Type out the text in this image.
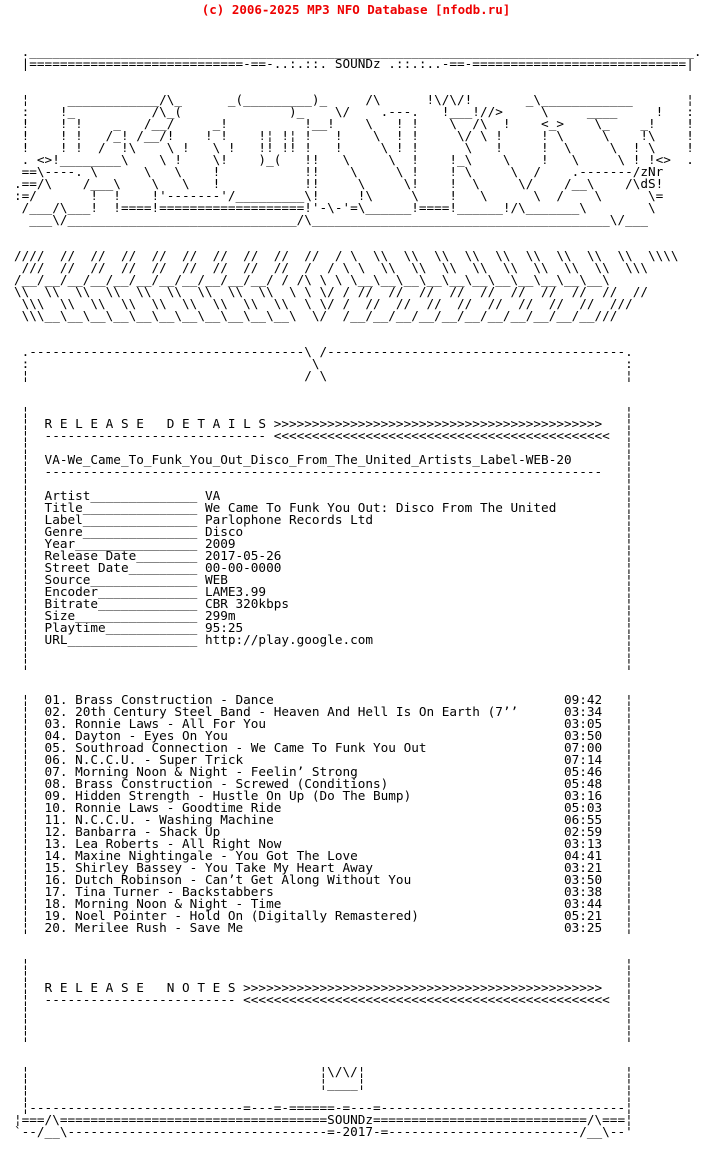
(c) 2006-2025 MP3 NFO Database [nfodb.ru]

._______________________________________________________________________________________.
|============================-==-..:.::. SOUNDz .::.:..-==-============================|

¦     ____________/\_      _(_________)_     /\      !\/\/!       _\____________       ¦
:    !_          /\_(              )_    \/    .---.   !___!//>     \     ____     !   :
!    ! !    _   /__/     _!          !__!    \   ! !    \  /\  !    <_>    \_    _!    !
!    ! !   /_! /__/!    ! !    !¦ !¦ !   !    \  ! !     \/ \ !     ! \     \    !\    !
!    ! !  /  !\    \ !   \ !   !! !! !   !     \ ! !      \   !     !  \     \  ! \    !
. <>!________\    \ !    \!    )_(   !!   \     \  !    !_\    \    !   \     \ ! !<>  .
==\----. \      \   \    !           !!    \     \ !    ! \     \  /    .-------/zNr
.==/\    /___\    \   \   !           !!     \     \!    !  \     \/    /__\    /\dS!
:=/       !  !    !'-------'/_________\!     !\     \    !   \      \  /    \      \=
/___/\___!  !====!===================!'-\-'=\______!====!______!/\_______\        \
___\/______________________________/\_______________________________________\/___

////  //  //  //  //  //  //  //  //  //  / \  \\  \\  \\  \\  \\  \\  \\  \\  \\  \\\\
///  //  //  //  //  //  //  //  //  /  / \ \  \\  \\  \\  \\  \\  \\  \\  \\  \\\
/__/__/__/__/__/__/__/__/__/__/__/ / /\ \ \ \__\__\__\__\__\__\__\__\__\__\__\
\\  \\  \\  \\  \\  \\  \\  \\  \\  \ \ \/ / //  //  //  //  //  //  //  //  //  //
\\\  \\  \\  \\  \\  \\  \\  \\  \\  \ \/ /  //  //  //  //  //  //  //  //  ///
\\\__\__\__\__\__\__\__\__\__\__\__\  \/  /__/__/__/__/__/__/__/__/__/__/__///

.------------------------------------\ /---------------------------------------.
:                                     \                                        :
¦                                    / \                                       ¦

¦                                                                              ¦
¦  R E L E A S E   D E T A I L S >>>>>>>>>>>>>>>>>>>>>>>>>>>>>>>>>>>>>>>>>>>   ¦
¦  ----------------------------- <<<<<<<<<<<<<<<<<<<<<<<<<<<<<<<<<<<<<<<<<<<<  ¦
¦                                                                              ¦
¦  VA-We_Came_To_Funk_You_Out_Disco_From_The_United_Artists_Label-WEB-20       ¦
¦  -------------------------------------------------------------------------   ¦
¦                                                                              ¦
¦  Artist______________ VA                                                     ¦
¦  Title_______________ We Came To Funk You Out: Disco From The United         ¦
¦  Label_______________ Parlophone Records Ltd                                 ¦
¦  Genre_______________ Disco                                                  ¦
¦  Year________________ 2009                                                   ¦
¦  Release Date________ 2017-05-26                                             ¦
¦  Street Date_________ 00-00-0000                                             ¦
¦  Source______________ WEB                                                    ¦
¦  Encoder_____________ LAME3.99                                               ¦
¦  Bitrate_____________ CBR 320kbps                                            ¦
¦  Size________________ 299m                                                   ¦
¦  Playtime____________ 95:25                                                  ¦
¦  URL_________________ http://play.google.com                                 ¦
¦                                                                              ¦
¦                                                                              ¦

¦  01. Brass Construction - Dance                                      09:42   ¦
¦  02. 20th Century Steel Band - Heaven And Hell Is On Earth (7’’      03:34   ¦
¦  03. Ronnie Laws - All For You                                       03:05   ¦
¦  04. Dayton - Eyes On You                                            03:50   ¦
¦  05. Southroad Connection - We Came To Funk You Out                  07:00   ¦
¦  06. N.C.C.U. - Super Trick                                          07:14   ¦
¦  07. Morning Noon & Night - Feelin’ Strong                           05:46   ¦
¦  08. Brass Construction - Screwed (Conditions)                       05:48   ¦
¦  09. Hidden Strength - Hustle On Up (Do The Bump)                    03:16   ¦
¦  10. Ronnie Laws - Goodtime Ride                                     05:03   ¦
¦  11. N.C.C.U. - Washing Machine                                      06:55   ¦
¦  12. Banbarra - Shack Up                                             02:59   ¦
¦  13. Lea Roberts - All Right Now                                     03:13   ¦
¦  14. Maxine Nightingale - You Got The Love                           04:41   ¦
¦  15. Shirley Bassey - You Take My Heart Away                         03:21   ¦
¦  16. Dutch Robinson - Can’t Get Along Without You                    03:50   ¦
¦  17. Tina Turner - Backstabbers                                      03:38   ¦
¦  18. Morning Noon & Night - Time                                     03:44   ¦
¦  19. Noel Pointer - Hold On (Digitally Remastered)                   05:21   ¦
¦  20. Merilee Rush - Save Me                                          03:25   ¦

¦                                                                              ¦
¦                                                                              ¦
¦  R E L E A S E   N O T E S >>>>>>>>>>>>>>>>>>>>>>>>>>>>>>>>>>>>>>>>>>>>>>>   ¦
¦  ------------------------- <<<<<<<<<<<<<<<<<<<<<<<<<<<<<<<<<<<<<<<<<<<<<<<<  ¦
¦                                                                              ¦
¦                                                                              ¦
¦                                                                              ¦

¦                                      ¦\/\/¦                                  ¦
¦                                      ¦____¦                                  ¦
¦                                                                              ¦
¦----------------------------=---=-======-=---=--------------------------------¦
¦===/\===================================SOUNDz============================/\===¦
`--/__\----------------------------------=-2017-=-------------------------/__\--'
